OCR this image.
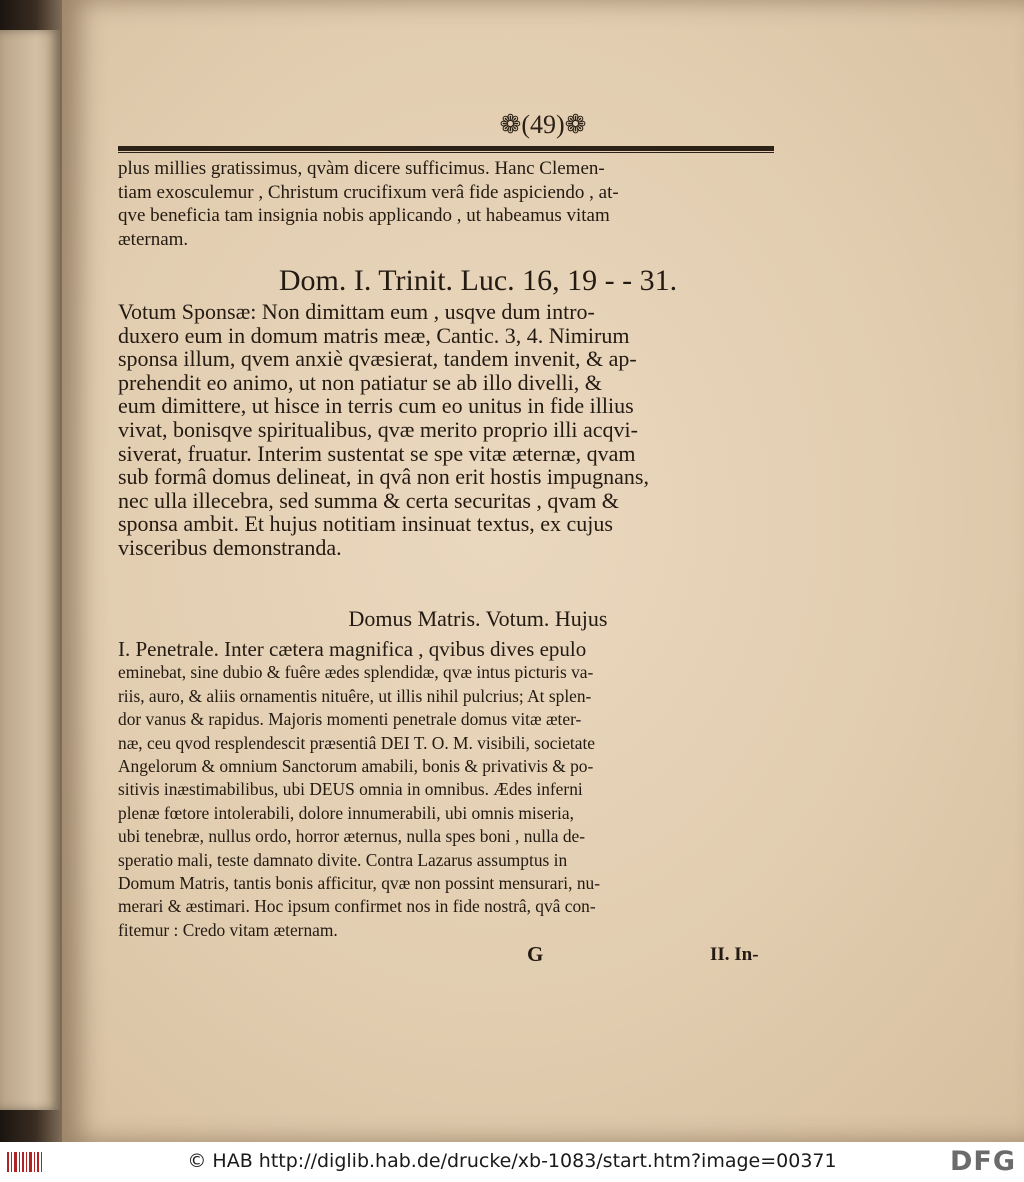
❁(49)❁
plus millies gratissimus, qvàm dicere sufficimus. Hanc Clemen-
tiam exosculemur , Christum crucifixum verâ fide aspiciendo , at-
qve beneficia tam insignia nobis applicando , ut habeamus vitam
æternam.
Dom. I. Trinit. Luc. 16, 19 - - 31.
Votum Sponsæ: Non dimittam eum , usqve dum intro-
duxero eum in domum matris meæ, Cantic. 3, 4. Nimirum
sponsa illum, qvem anxiè qvæsierat, tandem invenit, & ap-
prehendit eo animo, ut non patiatur se ab illo divelli, &
eum dimittere, ut hisce in terris cum eo unitus in fide illius
vivat, bonisqve spiritualibus, qvæ merito proprio illi acqvi-
siverat, fruatur. Interim sustentat se spe vitæ æternæ, qvam
sub formâ domus delineat, in qvâ non erit hostis impugnans,
nec ulla illecebra, sed summa & certa securitas , qvam &
sponsa ambit. Et hujus notitiam insinuat textus, ex cujus
visceribus demonstranda.
Domus Matris. Votum. Hujus
I. Penetrale. Inter cætera magnifica , qvibus dives epulo
eminebat, sine dubio & fuêre ædes splendidæ, qvæ intus picturis va-
riis, auro, & aliis ornamentis nituêre, ut illis nihil pulcrius; At splen-
dor vanus & rapidus. Majoris momenti penetrale domus vitæ æter-
næ, ceu qvod resplendescit præsentiâ DEI T. O. M. visibili, societate
Angelorum & omnium Sanctorum amabili, bonis & privativis & po-
sitivis inæstimabilibus, ubi DEUS omnia in omnibus. Ædes inferni
plenæ fœtore intolerabili, dolore innumerabili, ubi omnis miseria,
ubi tenebræ, nullus ordo, horror æternus, nulla spes boni , nulla de-
speratio mali, teste damnato divite. Contra Lazarus assumptus in
Domum Matris, tantis bonis afficitur, qvæ non possint mensurari, nu-
merari & æstimari. Hoc ipsum confirmet nos in fide nostrâ, qvâ con-
fitemur : Credo vitam æternam.
G	II. In-
© HAB http://diglib.hab.de/drucke/xb-1083/start.htm?image=00371	DFG
